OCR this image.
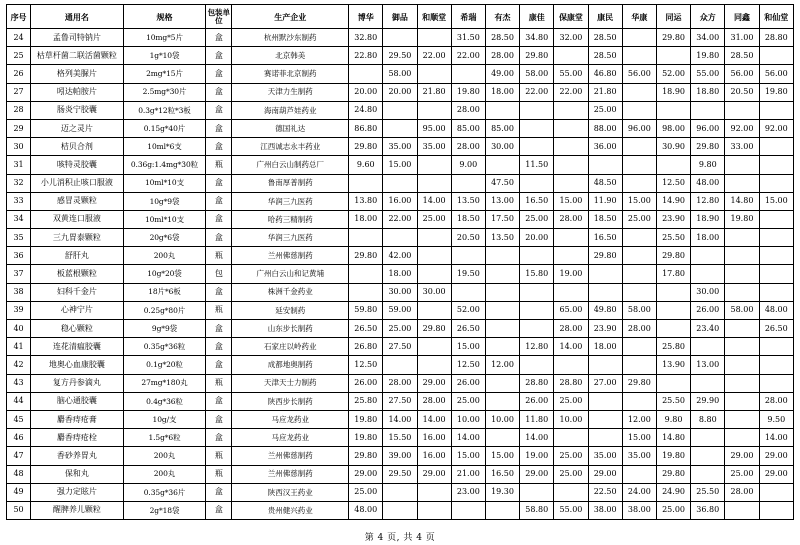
序号	通用名	规格	包装单位	生产企业	博华	御品	和顺堂	希瑞	有杰	康佳	保康堂	康民	华康	同运	众方	同鑫	和仙堂
24	孟鲁司特钠片	10mg*5片	盒	杭州默沙东制药	32.80			31.50	28.50	34.80	32.00	28.50		29.80	34.00	31.00	28.80
25	枯草杆菌二联活菌颗粒	1g*10袋	盒	北京韩美	22.80	29.50	22.00	22.00	28.00	29.80		28.50			19.80	28.50	
26	格列美脲片	2mg*15片	盒	赛诺菲北京制药		58.00			49.00	58.00	55.00	46.80	56.00	52.00	55.00	56.00	56.00
27	吲达帕胺片	2.5mg*30片	盒	天津力生制药	20.00	20.00	21.80	19.80	18.00	22.00	22.00	21.80		18.90	18.80	20.50	19.80
28	肠炎宁胶囊	0.3g*12粒*3板	盒	海南葫芦娃药业	24.80			28.00				25.00					
29	迈之灵片	0.15g*40片	盒	德国礼达	86.80		95.00	85.00	85.00			88.00	96.00	98.00	96.00	92.00	92.00
30	桔贝合剂	10ml*6支	盒	江西诚志永丰药业	29.80	35.00	35.00	28.00	30.00			36.00		30.90	29.80	33.00	
31	咳特灵胶囊	0.36g:1.4mg*30粒	瓶	广州白云山制药总厂	9.60	15.00		9.00		11.50					9.80		
32	小儿消积止咳口服液	10ml*10支	盒	鲁南厚普制药					47.50			48.50		12.50	48.00		
33	感冒灵颗粒	10g*9袋	盒	华润三九医药	13.80	16.00	14.00	13.50	13.00	16.50	15.00	11.90	15.00	14.90	12.80	14.80	15.00
34	双黄连口服液	10ml*10支	盒	哈药三精制药	18.00	22.00	25.00	18.50	17.50	25.00	28.00	18.50	25.00	23.90	18.90	19.80	
35	三九胃泰颗粒	20g*6袋	盒	华润三九医药				20.50	13.50	20.00		16.50		25.50	18.00		
36	舒肝丸	200丸	瓶	兰州佛慈制药	29.80	42.00						29.80		29.80			
37	板蓝根颗粒	10g*20袋	包	广州白云山和记黄埔		18.00		19.50		15.80	19.00			17.80			
38	妇科千金片	18片*6板	盒	株洲千金药业		30.00	30.00								30.00		
39	心神宁片	0.25g*80片	瓶	延安制药	59.80	59.00		52.00			65.00	49.80	58.00		26.00	58.00	48.00
40	稳心颗粒	9g*9袋	盒	山东步长制药	26.50	25.00	29.80	26.50			28.00	23.90	28.00		23.40		26.50
41	连花清瘟胶囊	0.35g*36粒	盒	石家庄以岭药业	26.80	27.50		15.00		12.80	14.00	18.00		25.80			
42	地奥心血康胶囊	0.1g*20粒	盒	成都地奥制药	12.50			12.50	12.00					13.90	13.00		
43	复方丹参滴丸	27mg*180丸	瓶	天津天士力制药	26.00	28.00	29.00	26.00		28.80	28.80	27.00	29.80				
44	脑心通胶囊	0.4g*36粒	盒	陕西步长制药	25.80	27.50	28.00	25.00		26.00	25.00			25.50	29.90		28.00
45	麝香痔疮膏	10g/支	盒	马应龙药业	19.80	14.00	14.00	10.00	10.00	11.80	10.00		12.00	9.80	8.80		9.50
46	麝香痔疮栓	1.5g*6粒	盒	马应龙药业	19.80	15.50	16.00	14.00		14.00			15.00	14.80			14.00
47	香砂养胃丸	200丸	瓶	兰州佛慈制药	29.80	39.00	16.00	15.00	15.00	19.00	25.00	35.00	35.00	19.80		29.00	29.00
48	保和丸	200丸	瓶	兰州佛慈制药	29.00	29.50	29.00	21.00	16.50	29.00	25.00	29.00		29.80		25.00	29.00
49	强力定眩片	0.35g*36片	盒	陕西汉王药业	25.00			23.00	19.30			22.50	24.00	24.90	25.50	28.00	
50	醒脾养儿颗粒	2g*18袋	盒	贵州健兴药业	48.00					58.80	55.00	38.00	38.00	25.00	36.80		
第 4 页, 共 4 页
